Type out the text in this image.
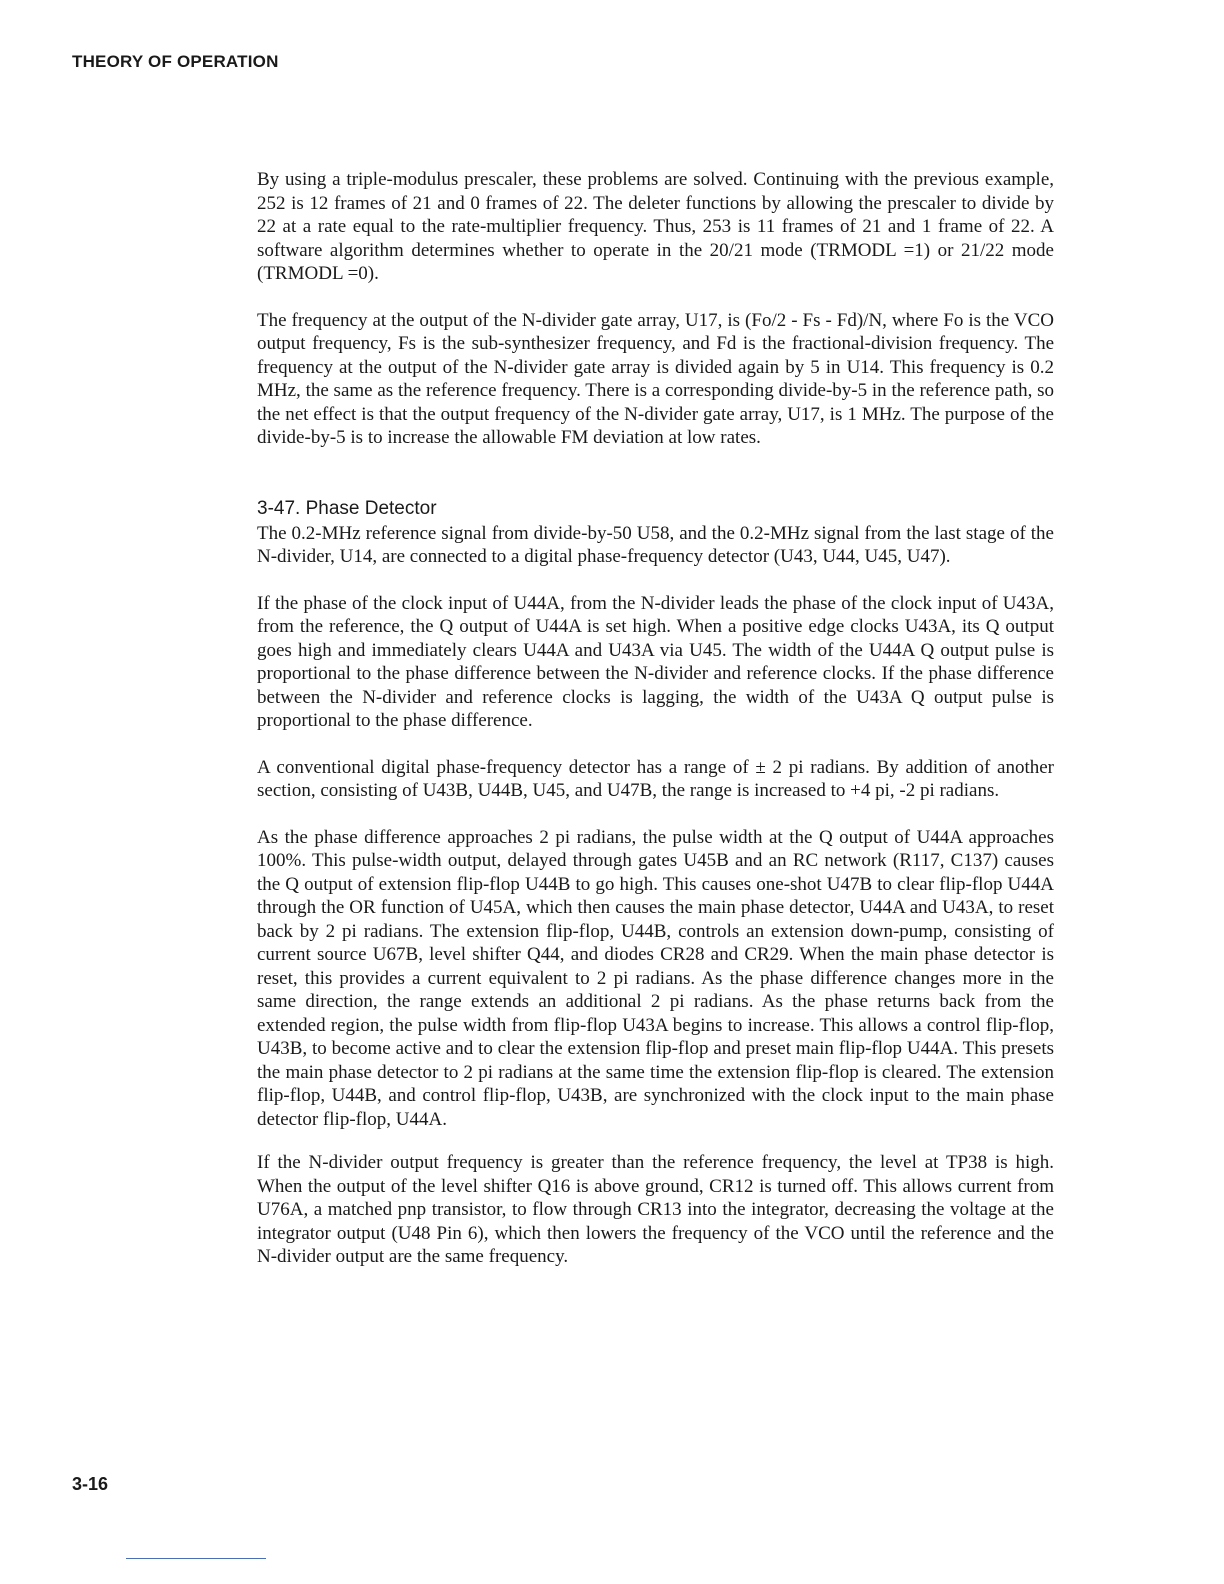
THEORY OF OPERATION

By using a triple-modulus prescaler, these problems are solved. Continuing with the previous example, 252 is 12 frames of 21 and 0 frames of 22. The deleter functions by allowing the prescaler to divide by 22 at a rate equal to the rate-multiplier frequency. Thus, 253 is 11 frames of 21 and 1 frame of 22. A software algorithm determines whether to operate in the 20/21 mode (TRMODL =1) or 21/22 mode (TRMODL =0).

The frequency at the output of the N-divider gate array, U17, is (Fo/2 - Fs - Fd)/N, where Fo is the VCO output frequency, Fs is the sub-synthesizer frequency, and Fd is the fractional-division frequency. The frequency at the output of the N-divider gate array is divided again by 5 in U14. This frequency is 0.2 MHz, the same as the reference frequency. There is a corresponding divide-by-5 in the reference path, so the net effect is that the output frequency of the N-divider gate array, U17, is 1 MHz. The purpose of the divide-by-5 is to increase the allowable FM deviation at low rates.

3-47. Phase Detector

The 0.2-MHz reference signal from divide-by-50 U58, and the 0.2-MHz signal from the last stage of the N-divider, U14, are connected to a digital phase-frequency detector (U43, U44, U45, U47).

If the phase of the clock input of U44A, from the N-divider leads the phase of the clock input of U43A, from the reference, the Q output of U44A is set high. When a positive edge clocks U43A, its Q output goes high and immediately clears U44A and U43A via U45. The width of the U44A Q output pulse is proportional to the phase difference between the N-divider and reference clocks. If the phase difference between the N-divider and reference clocks is lagging, the width of the U43A Q output pulse is proportional to the phase difference.

A conventional digital phase-frequency detector has a range of ± 2 pi radians. By addition of another section, consisting of U43B, U44B, U45, and U47B, the range is increased to +4 pi, -2 pi radians.

As the phase difference approaches 2 pi radians, the pulse width at the Q output of U44A approaches 100%. This pulse-width output, delayed through gates U45B and an RC network (R117, C137) causes the Q output of extension flip-flop U44B to go high. This causes one-shot U47B to clear flip-flop U44A through the OR function of U45A, which then causes the main phase detector, U44A and U43A, to reset back by 2 pi radians. The extension flip-flop, U44B, controls an extension down-pump, consisting of current source U67B, level shifter Q44, and diodes CR28 and CR29. When the main phase detector is reset, this provides a current equivalent to 2 pi radians. As the phase difference changes more in the same direction, the range extends an additional 2 pi radians. As the phase returns back from the extended region, the pulse width from flip-flop U43A begins to increase. This allows a control flip-flop, U43B, to become active and to clear the extension flip-flop and preset main flip-flop U44A. This presets the main phase detector to 2 pi radians at the same time the extension flip-flop is cleared. The extension flip-flop, U44B, and control flip-flop, U43B, are synchronized with the clock input to the main phase detector flip-flop, U44A.

If the N-divider output frequency is greater than the reference frequency, the level at TP38 is high. When the output of the level shifter Q16 is above ground, CR12 is turned off. This allows current from U76A, a matched pnp transistor, to flow through CR13 into the integrator, decreasing the voltage at the integrator output (U48 Pin 6), which then lowers the frequency of the VCO until the reference and the N-divider output are the same frequency.

3-16
